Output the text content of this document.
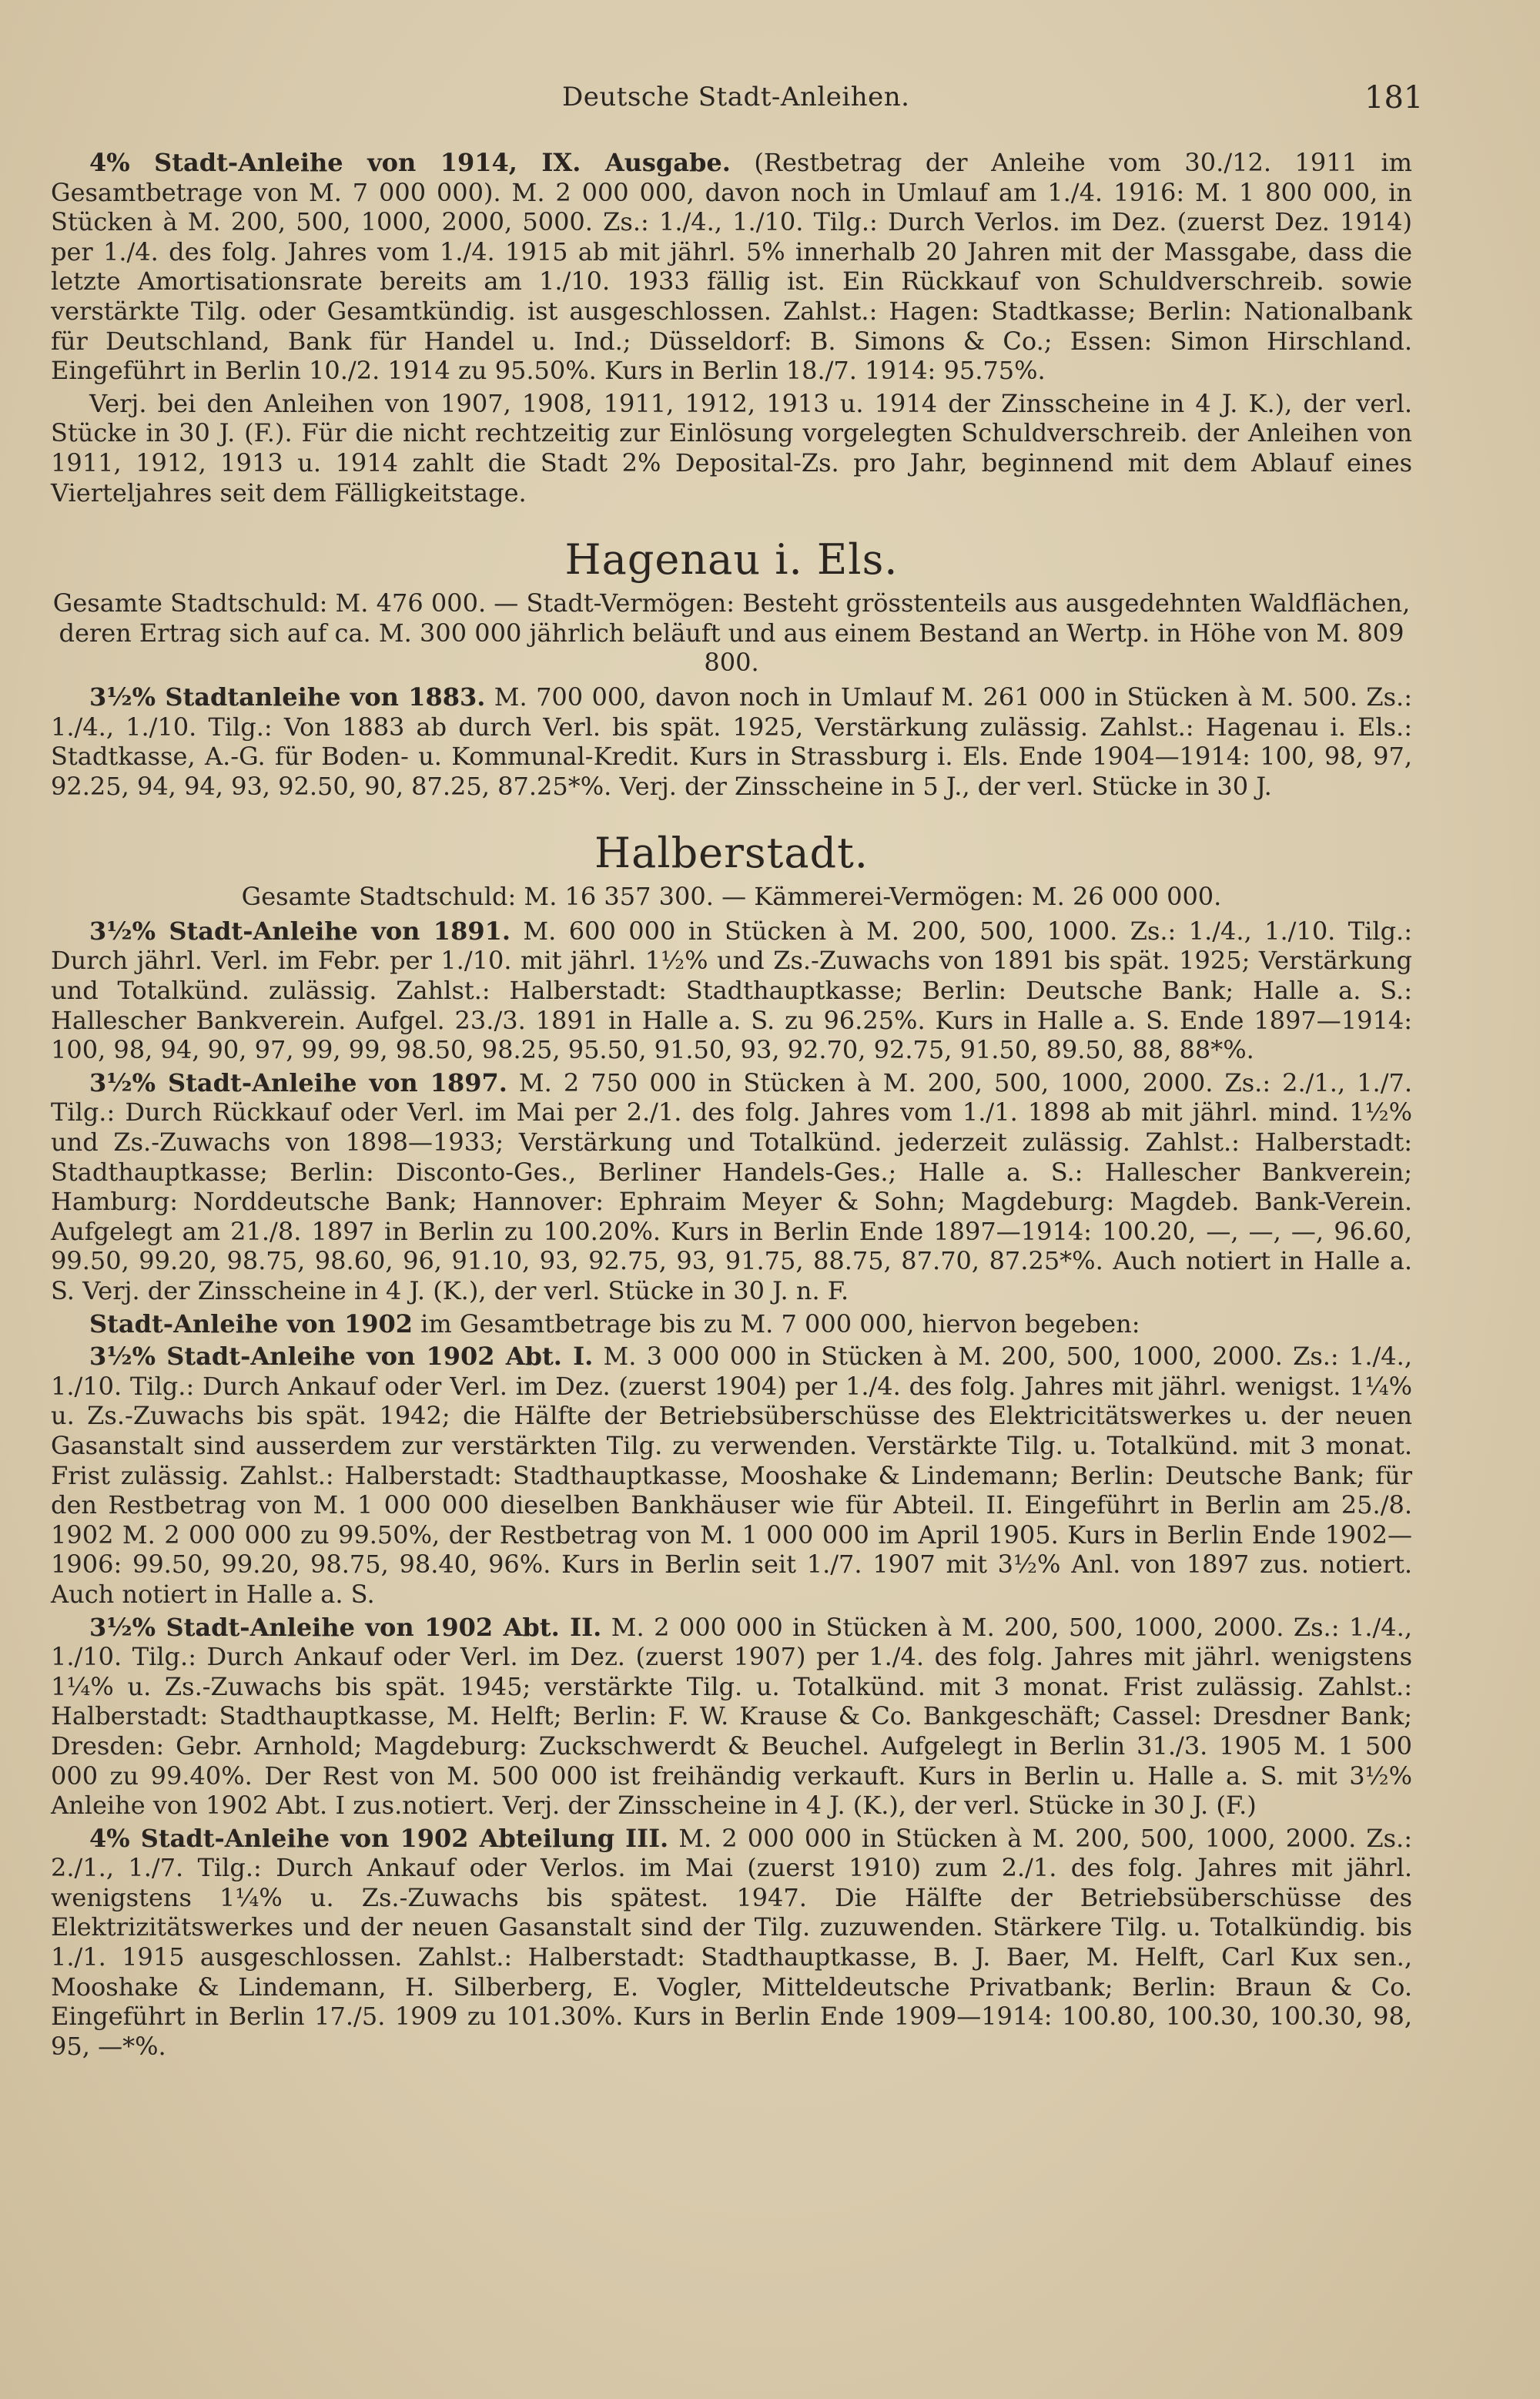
Deutsche Stadt-Anleihen.	181

4% Stadt-Anleihe von 1914, IX. Ausgabe. (Restbetrag der Anleihe vom 30./12. 1911 im Gesamtbetrage von M. 7 000 000). M. 2 000 000, davon noch in Umlauf am 1./4. 1916: M. 1 800 000, in Stücken à M. 200, 500, 1000, 2000, 5000. Zs.: 1./4., 1./10. Tilg.: Durch Verlos. im Dez. (zuerst Dez. 1914) per 1./4. des folg. Jahres vom 1./4. 1915 ab mit jährl. 5% innerhalb 20 Jahren mit der Massgabe, dass die letzte Amortisationsrate bereits am 1./10. 1933 fällig ist. Ein Rückkauf von Schuldverschreib. sowie verstärkte Tilg. oder Gesamtkündig. ist ausgeschlossen. Zahlst.: Hagen: Stadtkasse; Berlin: Nationalbank für Deutschland, Bank für Handel u. Ind.; Düsseldorf: B. Simons & Co.; Essen: Simon Hirschland. Eingeführt in Berlin 10./2. 1914 zu 95.50%. Kurs in Berlin 18./7. 1914: 95.75%.

Verj. bei den Anleihen von 1907, 1908, 1911, 1912, 1913 u. 1914 der Zinsscheine in 4 J. K.), der verl. Stücke in 30 J. (F.). Für die nicht rechtzeitig zur Einlösung vorgelegten Schuldverschreib. der Anleihen von 1911, 1912, 1913 u. 1914 zahlt die Stadt 2% Deposital-Zs. pro Jahr, beginnend mit dem Ablauf eines Vierteljahres seit dem Fälligkeitstage.

Hagenau i. Els.
Gesamte Stadtschuld: M. 476 000. — Stadt-Vermögen: Besteht grösstenteils aus ausgedehnten Waldflächen, deren Ertrag sich auf ca. M. 300 000 jährlich beläuft und aus einem Bestand an Wertp. in Höhe von M. 809 800.

3½% Stadtanleihe von 1883. M. 700 000, davon noch in Umlauf M. 261 000 in Stücken à M. 500. Zs.: 1./4., 1./10. Tilg.: Von 1883 ab durch Verl. bis spät. 1925, Verstärkung zulässig. Zahlst.: Hagenau i. Els.: Stadtkasse, A.-G. für Boden- u. Kommunal-Kredit. Kurs in Strassburg i. Els. Ende 1904—1914: 100, 98, 97, 92.25, 94, 94, 93, 92.50, 90, 87.25, 87.25*%. Verj. der Zinsscheine in 5 J., der verl. Stücke in 30 J.

Halberstadt.
Gesamte Stadtschuld: M. 16 357 300. — Kämmerei-Vermögen: M. 26 000 000.

3½% Stadt-Anleihe von 1891. M. 600 000 in Stücken à M. 200, 500, 1000. Zs.: 1./4., 1./10. Tilg.: Durch jährl. Verl. im Febr. per 1./10. mit jährl. 1½% und Zs.-Zuwachs von 1891 bis spät. 1925; Verstärkung und Totalkünd. zulässig. Zahlst.: Halberstadt: Stadthauptkasse; Berlin: Deutsche Bank; Halle a. S.: Hallescher Bankverein. Aufgel. 23./3. 1891 in Halle a. S. zu 96.25%. Kurs in Halle a. S. Ende 1897—1914: 100, 98, 94, 90, 97, 99, 99, 98.50, 98.25, 95.50, 91.50, 93, 92.70, 92.75, 91.50, 89.50, 88, 88*%.

3½% Stadt-Anleihe von 1897. M. 2 750 000 in Stücken à M. 200, 500, 1000, 2000. Zs.: 2./1., 1./7. Tilg.: Durch Rückkauf oder Verl. im Mai per 2./1. des folg. Jahres vom 1./1. 1898 ab mit jährl. mind. 1½% und Zs.-Zuwachs von 1898—1933; Verstärkung und Totalkünd. jederzeit zulässig. Zahlst.: Halberstadt: Stadthauptkasse; Berlin: Disconto-Ges., Berliner Handels-Ges.; Halle a. S.: Hallescher Bankverein; Hamburg: Norddeutsche Bank; Hannover: Ephraim Meyer & Sohn; Magdeburg: Magdeb. Bank-Verein. Aufgelegt am 21./8. 1897 in Berlin zu 100.20%. Kurs in Berlin Ende 1897—1914: 100.20, —, —, —, 96.60, 99.50, 99.20, 98.75, 98.60, 96, 91.10, 93, 92.75, 93, 91.75, 88.75, 87.70, 87.25*%. Auch notiert in Halle a. S. Verj. der Zinsscheine in 4 J. (K.), der verl. Stücke in 30 J. n. F.

Stadt-Anleihe von 1902 im Gesamtbetrage bis zu M. 7 000 000, hiervon begeben:

3½% Stadt-Anleihe von 1902 Abt. I. M. 3 000 000 in Stücken à M. 200, 500, 1000, 2000. Zs.: 1./4., 1./10. Tilg.: Durch Ankauf oder Verl. im Dez. (zuerst 1904) per 1./4. des folg. Jahres mit jährl. wenigst. 1¼% u. Zs.-Zuwachs bis spät. 1942; die Hälfte der Betriebsüberschüsse des Elektricitätswerkes u. der neuen Gasanstalt sind ausserdem zur verstärkten Tilg. zu verwenden. Verstärkte Tilg. u. Totalkünd. mit 3 monat. Frist zulässig. Zahlst.: Halberstadt: Stadthauptkasse, Mooshake & Lindemann; Berlin: Deutsche Bank; für den Restbetrag von M. 1 000 000 dieselben Bankhäuser wie für Abteil. II. Eingeführt in Berlin am 25./8. 1902 M. 2 000 000 zu 99.50%, der Restbetrag von M. 1 000 000 im April 1905. Kurs in Berlin Ende 1902—1906: 99.50, 99.20, 98.75, 98.40, 96%. Kurs in Berlin seit 1./7. 1907 mit 3½% Anl. von 1897 zus. notiert. Auch notiert in Halle a. S.

3½% Stadt-Anleihe von 1902 Abt. II. M. 2 000 000 in Stücken à M. 200, 500, 1000, 2000. Zs.: 1./4., 1./10. Tilg.: Durch Ankauf oder Verl. im Dez. (zuerst 1907) per 1./4. des folg. Jahres mit jährl. wenigstens 1¼% u. Zs.-Zuwachs bis spät. 1945; verstärkte Tilg. u. Totalkünd. mit 3 monat. Frist zulässig. Zahlst.: Halberstadt: Stadthauptkasse, M. Helft; Berlin: F. W. Krause & Co. Bankgeschäft; Cassel: Dresdner Bank; Dresden: Gebr. Arnhold; Magdeburg: Zuckschwerdt & Beuchel. Aufgelegt in Berlin 31./3. 1905 M. 1 500 000 zu 99.40%. Der Rest von M. 500 000 ist freihändig verkauft. Kurs in Berlin u. Halle a. S. mit 3½% Anleihe von 1902 Abt. I zus.notiert. Verj. der Zinsscheine in 4 J. (K.), der verl. Stücke in 30 J. (F.)

4% Stadt-Anleihe von 1902 Abteilung III. M. 2 000 000 in Stücken à M. 200, 500, 1000, 2000. Zs.: 2./1., 1./7. Tilg.: Durch Ankauf oder Verlos. im Mai (zuerst 1910) zum 2./1. des folg. Jahres mit jährl. wenigstens 1¼% u. Zs.-Zuwachs bis spätest. 1947. Die Hälfte der Betriebsüberschüsse des Elektrizitätswerkes und der neuen Gasanstalt sind der Tilg. zuzuwenden. Stärkere Tilg. u. Totalkündig. bis 1./1. 1915 ausgeschlossen. Zahlst.: Halberstadt: Stadthauptkasse, B. J. Baer, M. Helft, Carl Kux sen., Mooshake & Lindemann, H. Silberberg, E. Vogler, Mitteldeutsche Privatbank; Berlin: Braun & Co. Eingeführt in Berlin 17./5. 1909 zu 101.30%. Kurs in Berlin Ende 1909—1914: 100.80, 100.30, 100.30, 98, 95, —*%.
